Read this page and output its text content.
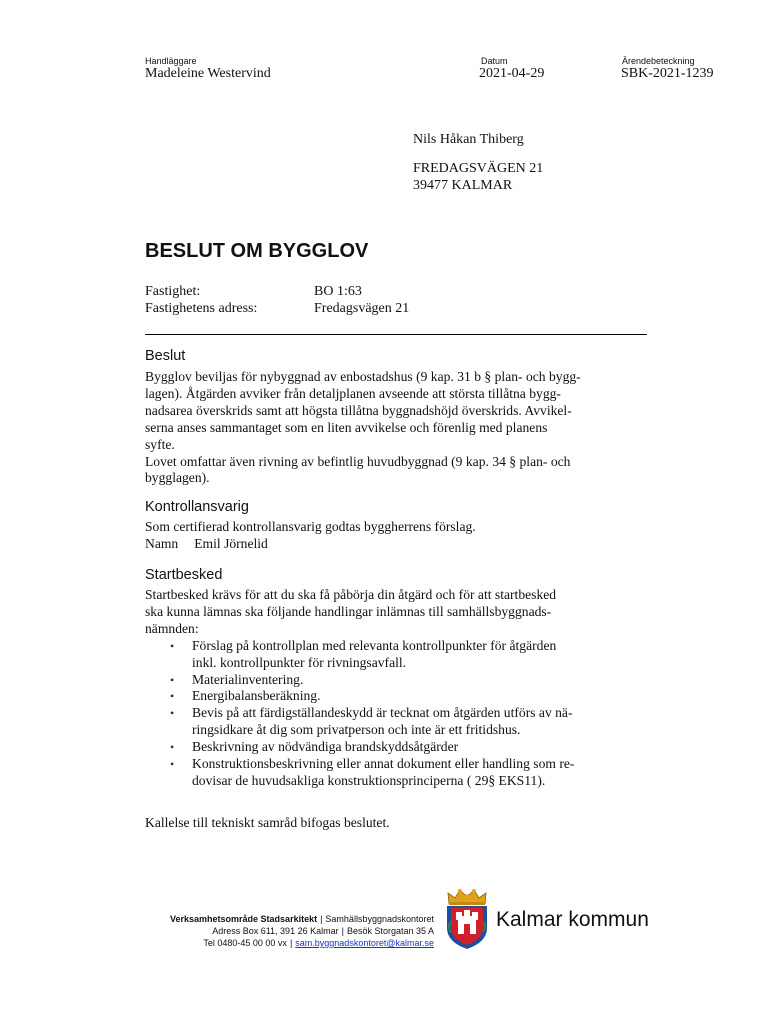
Handläggare
Madeleine Westervind
Datum
2021-04-29
Ärendebeteckning
SBK-2021-1239
Nils Håkan Thiberg
FREDAGSVÄGEN 21
39477 KALMAR
BESLUT OM BYGGLOV
Fastighet:	BO 1:63
Fastighetens adress:	Fredagsvägen 21
Beslut

Bygglov beviljas för nybyggnad av enbostadshus (9 kap. 31 b § plan- och bygg-

lagen). Åtgärden avviker från detaljplanen avseende att största tillåtna bygg-

nadsarea överskrids samt att högsta tillåtna byggnadshöjd överskrids. Avvikel-

serna anses sammantaget som en liten avvikelse och förenlig med planens

syfte.

Lovet omfattar även rivning av befintlig huvudbyggnad (9 kap. 34 § plan- och

bygglagen).

Kontrollansvarig

Som certifierad kontrollansvarig godtas byggherrens förslag.

Namn Emil Jörnelid

Startbesked

Startbesked krävs för att du ska få påbörja din åtgärd och för att startbesked

ska kunna lämnas ska följande handlingar inlämnas till samhällsbyggnads-

nämnden:

• Förslag på kontrollplan med relevanta kontrollpunkter för åtgärden
inkl. kontrollpunkter för rivningsavfall.
• Materialinventering.
• Energibalansberäkning.
• Bevis på att färdigställandeskydd är tecknat om åtgärden utförs av nä-
ringsidkare åt dig som privatperson och inte är ett fritidshus.
• Beskrivning av nödvändiga brandskyddsåtgärder
• Konstruktionsbeskrivning eller annat dokument eller handling som re-
dovisar de huvudsakliga konstruktionsprinciperna ( 29§ EKS11).
Kallelse till tekniskt samråd bifogas beslutet.
Verksamhetsområde Stadsarkitekt | Samhällsbyggnadskontoret
Adress Box 611, 391 26 Kalmar | Besök Storgatan 35 A
Tel 0480-45 00 00 vx | sam.byggnadskontoret@kalmar.se
Kalmar kommun
